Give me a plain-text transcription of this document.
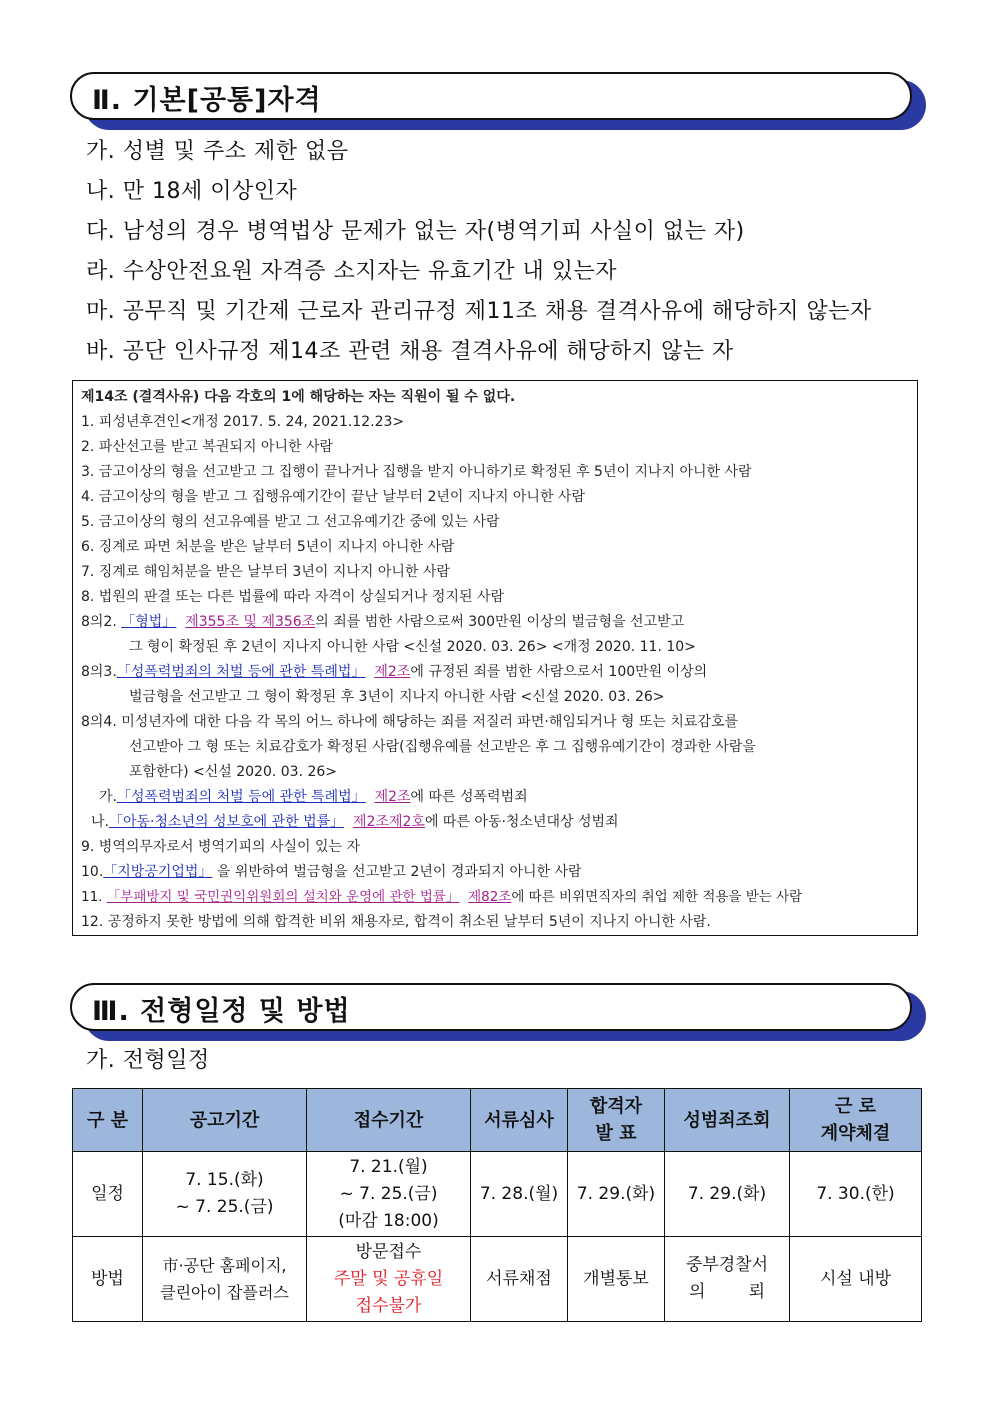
Ⅱ. 기본[공통]자격
가. 성별 및 주소 제한 없음
나. 만 18세 이상인자
다. 남성의 경우 병역법상 문제가 없는 자(병역기피 사실이 없는 자)
라. 수상안전요원 자격증 소지자는 유효기간 내 있는자
마. 공무직 및 기간제 근로자 관리규정 제11조 채용 결격사유에 해당하지 않는자
바. 공단 인사규정 제14조 관련 채용 결격사유에 해당하지 않는 자
제14조 (결격사유) 다음 각호의 1에 해당하는 자는 직원이 될 수 없다.
1. 피성년후견인<개정 2017. 5. 24, 2021.12.23>
2. 파산선고를 받고 복권되지 아니한 사람
3. 금고이상의 형을 선고받고 그 집행이 끝나거나 집행을 받지 아니하기로 확정된 후 5년이 지나지 아니한 사람
4. 금고이상의 형을 받고 그 집행유예기간이 끝난 날부터 2년이 지나지 아니한 사람
5. 금고이상의 형의 선고유예를 받고 그 선고유예기간 중에 있는 사람
6. 징계로 파면 처분을 받은 날부터 5년이 지나지 아니한 사람
7. 징계로 해임처분을 받은 날부터 3년이 지나지 아니한 사람
8. 법원의 판결 또는 다른 법률에 따라 자격이 상실되거나 정지된 사람
8의2. 「형법」 제355조 및 제356조의 죄를 범한 사람으로써 300만원 이상의 벌금형을 선고받고
그 형이 확정된 후 2년이 지나지 아니한 사람 <신설 2020. 03. 26> <개정 2020. 11. 10>
8의3.「성폭력범죄의 처벌 등에 관한 특례법」 제2조에 규정된 죄를 범한 사람으로서 100만원 이상의
벌금형을 선고받고 그 형이 확정된 후 3년이 지나지 아니한 사람 <신설 2020. 03. 26>
8의4. 미성년자에 대한 다음 각 목의 어느 하나에 해당하는 죄를 저질러 파면·해임되거나 형 또는 치료감호를
선고받아 그 형 또는 치료감호가 확정된 사람(집행유예를 선고받은 후 그 집행유예기간이 경과한 사람을
포함한다) <신설 2020. 03. 26>
가.「성폭력범죄의 처벌 등에 관한 특례법」 제2조에 따른 성폭력범죄
나.「아동·청소년의 성보호에 관한 법률」 제2조제2호에 따른 아동·청소년대상 성범죄
9. 병역의무자로서 병역기피의 사실이 있는 자
10.「지방공기업법」 을 위반하여 벌금형을 선고받고 2년이 경과되지 아니한 사람
11. 「부패방지 및 국민권익위원회의 설치와 운영에 관한 법률」 제82조에 따른 비위면직자의 취업 제한 적용을 받는 사람
12. 공정하지 못한 방법에 의해 합격한 비위 채용자로, 합격이 취소된 날부터 5년이 지나지 아니한 사람.
Ⅲ. 전형일정 및 방법
가. 전형일정
구 분	공고기간	접수기간	서류심사	합격자
발 표	성범죄조회	근 로
계약체결
일정	7. 15.(화)
~ 7. 25.(금)	7. 21.(월)
~ 7. 25.(금)
(마감 18:00)	7. 28.(월)	7. 29.(화)	7. 29.(화)	7. 30.(한)
방법	市·공단 홈페이지,
클린아이 잡플러스	방문접수
주말 및 공휴일
접수불가	서류채점	개별통보	중부경찰서
의        뢰	시설 내방
